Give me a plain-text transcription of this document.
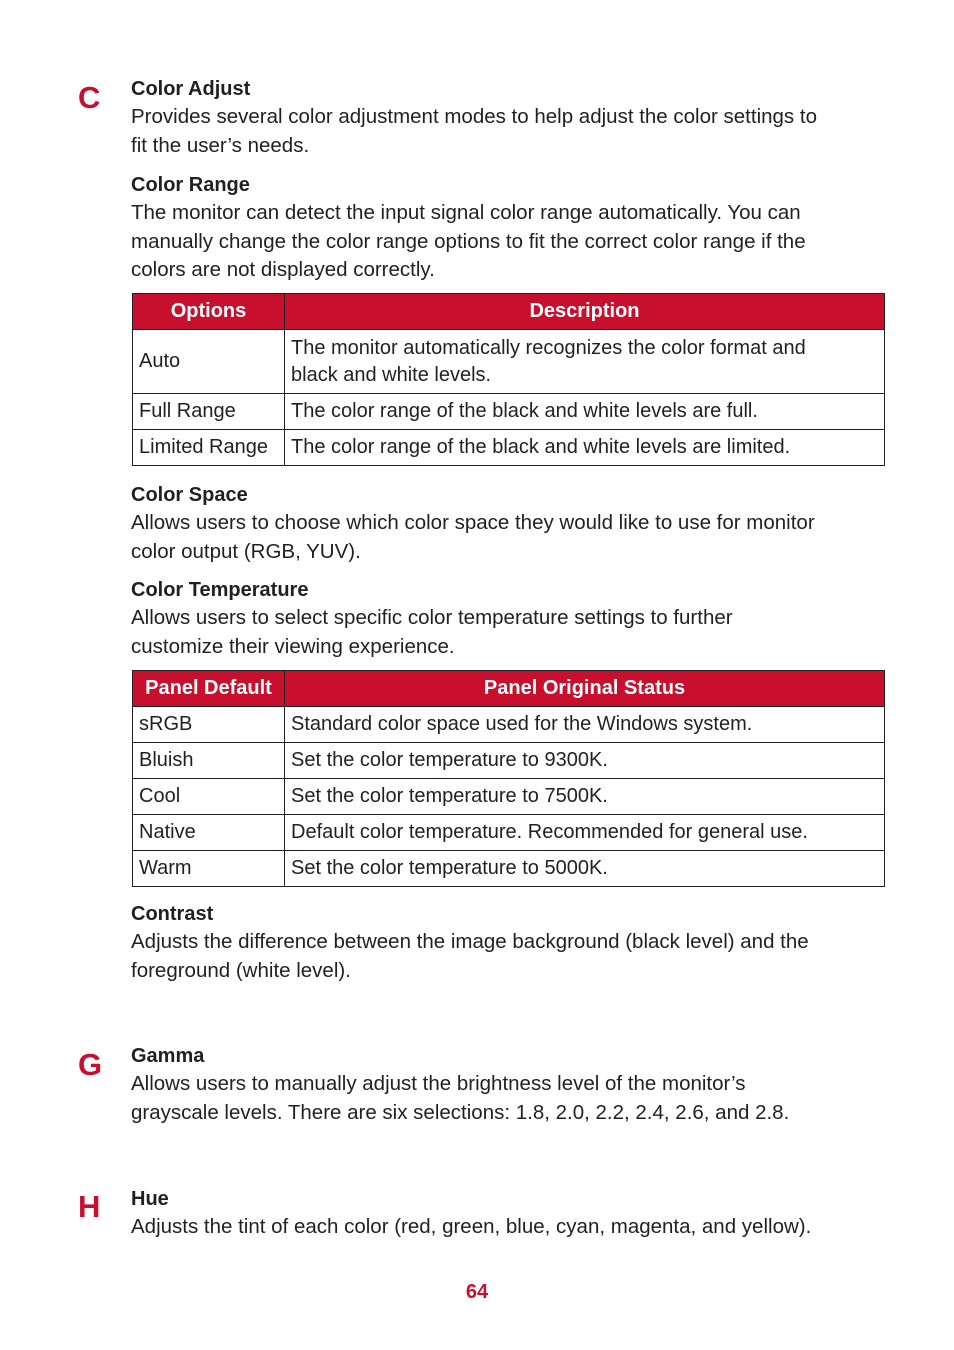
C Color Adjust
Provides several color adjustment modes to help adjust the color settings to
fit the user’s needs.
Color Range
The monitor can detect the input signal color range automatically. You can
manually change the color range options to fit the correct color range if the
colors are not displayed correctly.
Options	Description
Auto	The monitor automatically recognizes the color format and
black and white levels.
Full Range	The color range of the black and white levels are full.
Limited Range	The color range of the black and white levels are limited.
Color Space
Allows users to choose which color space they would like to use for monitor
color output (RGB, YUV).
Color Temperature
Allows users to select specific color temperature settings to further
customize their viewing experience.
Panel Default	Panel Original Status
sRGB	Standard color space used for the Windows system.
Bluish	Set the color temperature to 9300K.
Cool	Set the color temperature to 7500K.
Native	Default color temperature. Recommended for general use.
Warm	Set the color temperature to 5000K.
Contrast
Adjusts the difference between the image background (black level) and the
foreground (white level).
G Gamma
Allows users to manually adjust the brightness level of the monitor’s
grayscale levels. There are six selections: 1.8, 2.0, 2.2, 2.4, 2.6, and 2.8.
H Hue
Adjusts the tint of each color (red, green, blue, cyan, magenta, and yellow).
64
